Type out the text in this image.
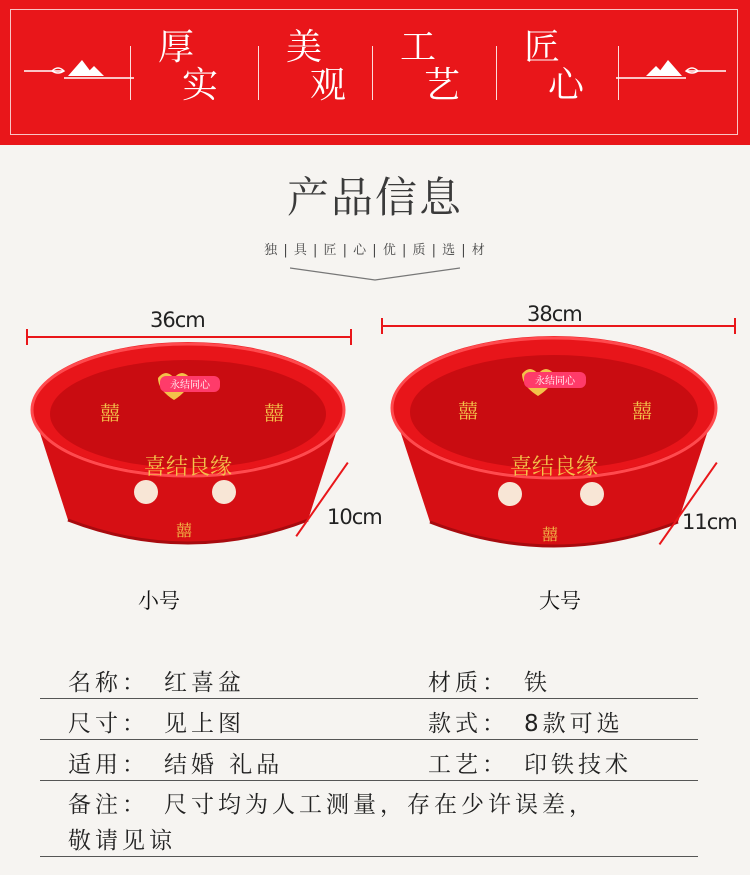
厚
实
美
观
工
艺
匠
心
产品信息
独 | 具 | 匠 | 心 | 优 | 质 | 选 | 材
36cm
永结同心
喜结良缘
囍	囍
囍
10cm
小号
38cm
永结同心
喜结良缘
囍	囍
囍
11cm
大号
名称： 红喜盆	材质： 铁
尺寸： 见上图	款式： 8款可选
适用： 结婚 礼品	工艺： 印铁技术
备注： 尺寸均为人工测量，存在少许误差，
敬请见谅
